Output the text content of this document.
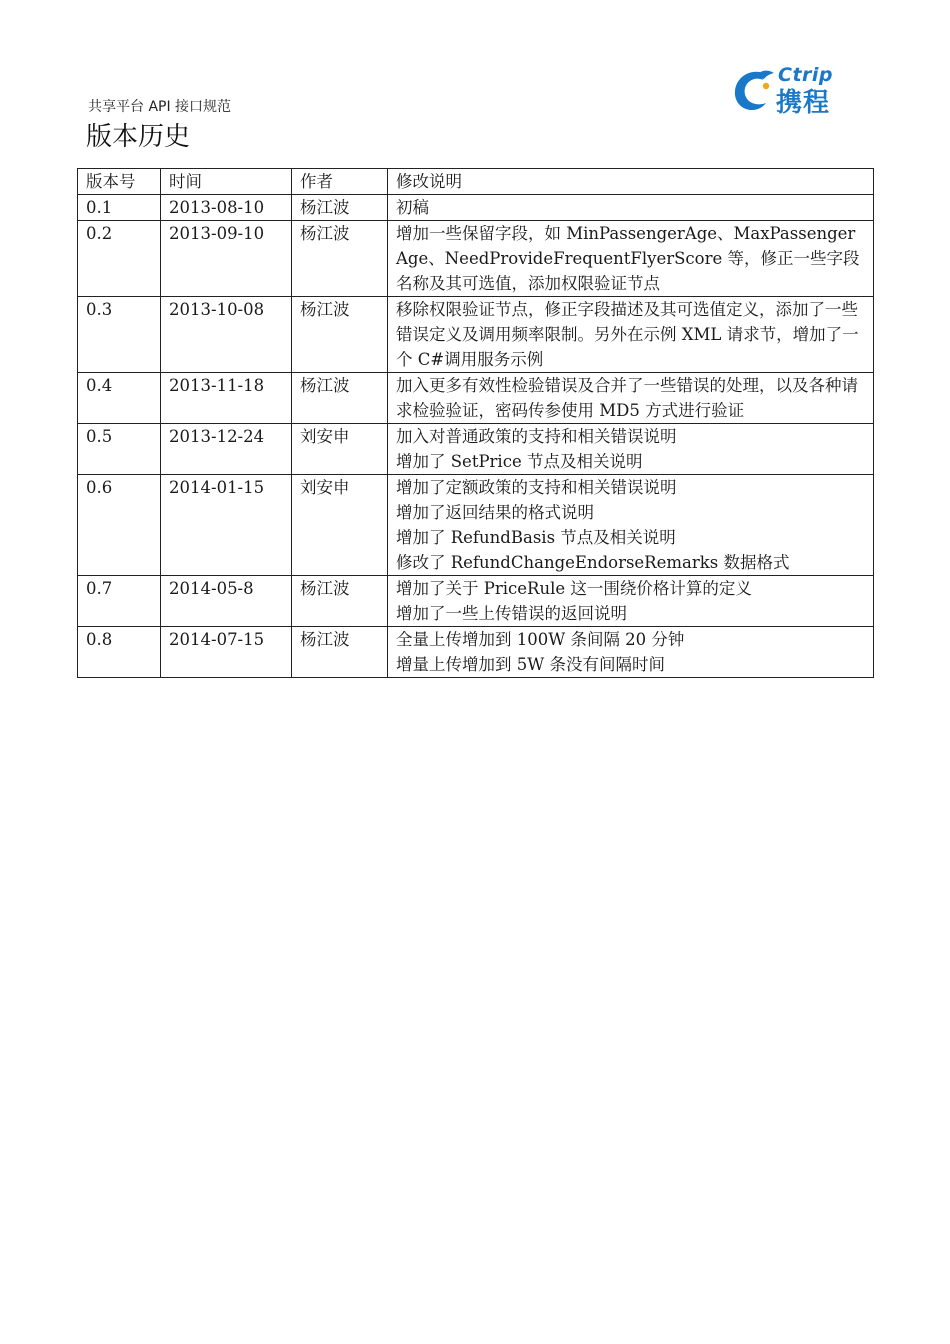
共享平台 API 接口规范
版本历史
Ctrip
携程
版本号	时间	作者	修改说明
0.1	2013-08-10	杨江波	初稿

0.2	2013-09-10	杨江波	增加一些保留字段，如 MinPassengerAge、MaxPassengerAge、NeedProvideFrequentFlyerScore 等，修正一些字段名称及其可选值，添加权限验证节点

0.3	2013-10-08	杨江波	移除权限验证节点，修正字段描述及其可选值定义，添加了一些错误定义及调用频率限制。另外在示例 XML 请求节，增加了一个 C#调用服务示例

0.4	2013-11-18	杨江波	加入更多有效性检验错误及合并了一些错误的处理，以及各种请求检验验证，密码传参使用 MD5 方式进行验证

0.5	2013-12-24	刘安申	加入对普通政策的支持和相关错误说明
增加了 SetPrice 节点及相关说明

0.6	2014-01-15	刘安申	增加了定额政策的支持和相关错误说明
增加了返回结果的格式说明
增加了 RefundBasis 节点及相关说明
修改了 RefundChangeEndorseRemarks 数据格式

0.7	2014-05-8	杨江波	增加了关于 PriceRule 这一围绕价格计算的定义
增加了一些上传错误的返回说明

0.8	2014-07-15	杨江波	全量上传增加到 100W 条间隔 20 分钟
增量上传增加到 5W 条没有间隔时间
